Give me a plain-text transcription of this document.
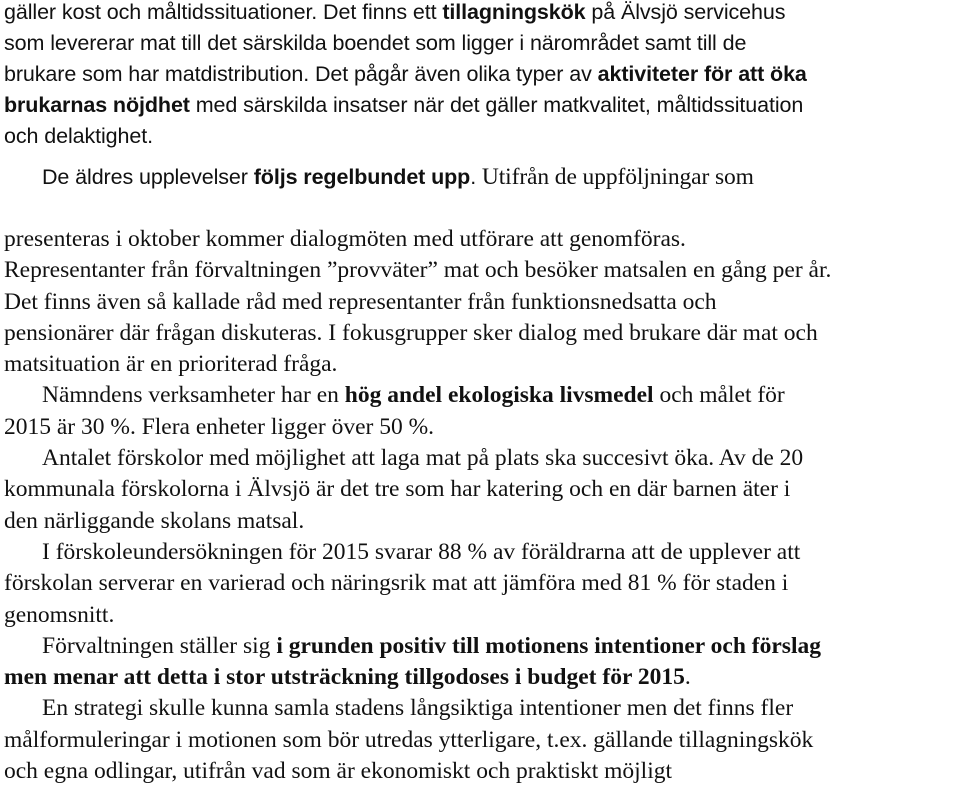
gäller kost och måltidssituationer. Det finns ett tillagningskök på Älvsjö servicehus
som levererar mat till det särskilda boendet som ligger i närområdet samt till de
brukare som har matdistribution. Det pågår även olika typer av aktiviteter för att öka
brukarnas nöjdhet med särskilda insatser när det gäller matkvalitet, måltidssituation
och delaktighet.

De äldres upplevelser följs regelbundet upp. Utifrån de uppföljningar som

presenteras i oktober kommer dialogmöten med utförare att genomföras.
Representanter från förvaltningen ”provväter” mat och besöker matsalen en gång per år.
Det finns även så kallade råd med representanter från funktionsnedsatta och
pensionärer där frågan diskuteras. I fokusgrupper sker dialog med brukare där mat och
matsituation är en prioriterad fråga.

Nämndens verksamheter har en hög andel ekologiska livsmedel och målet för
2015 är 30 %. Flera enheter ligger över 50 %.

Antalet förskolor med möjlighet att laga mat på plats ska succesivt öka. Av de 20
kommunala förskolorna i Älvsjö är det tre som har katering och en där barnen äter i
den närliggande skolans matsal.

I förskoleundersökningen för 2015 svarar 88 % av föräldrarna att de upplever att
förskolan serverar en varierad och näringsrik mat att jämföra med 81 % för staden i
genomsnitt.

Förvaltningen ställer sig i grunden positiv till motionens intentioner och förslag
men menar att detta i stor utsträckning tillgodoses i budget för 2015.

En strategi skulle kunna samla stadens långsiktiga intentioner men det finns fler
målformuleringar i motionen som bör utredas ytterligare, t.ex. gällande tillagningskök
och egna odlingar, utifrån vad som är ekonomiskt och praktiskt möjligt
